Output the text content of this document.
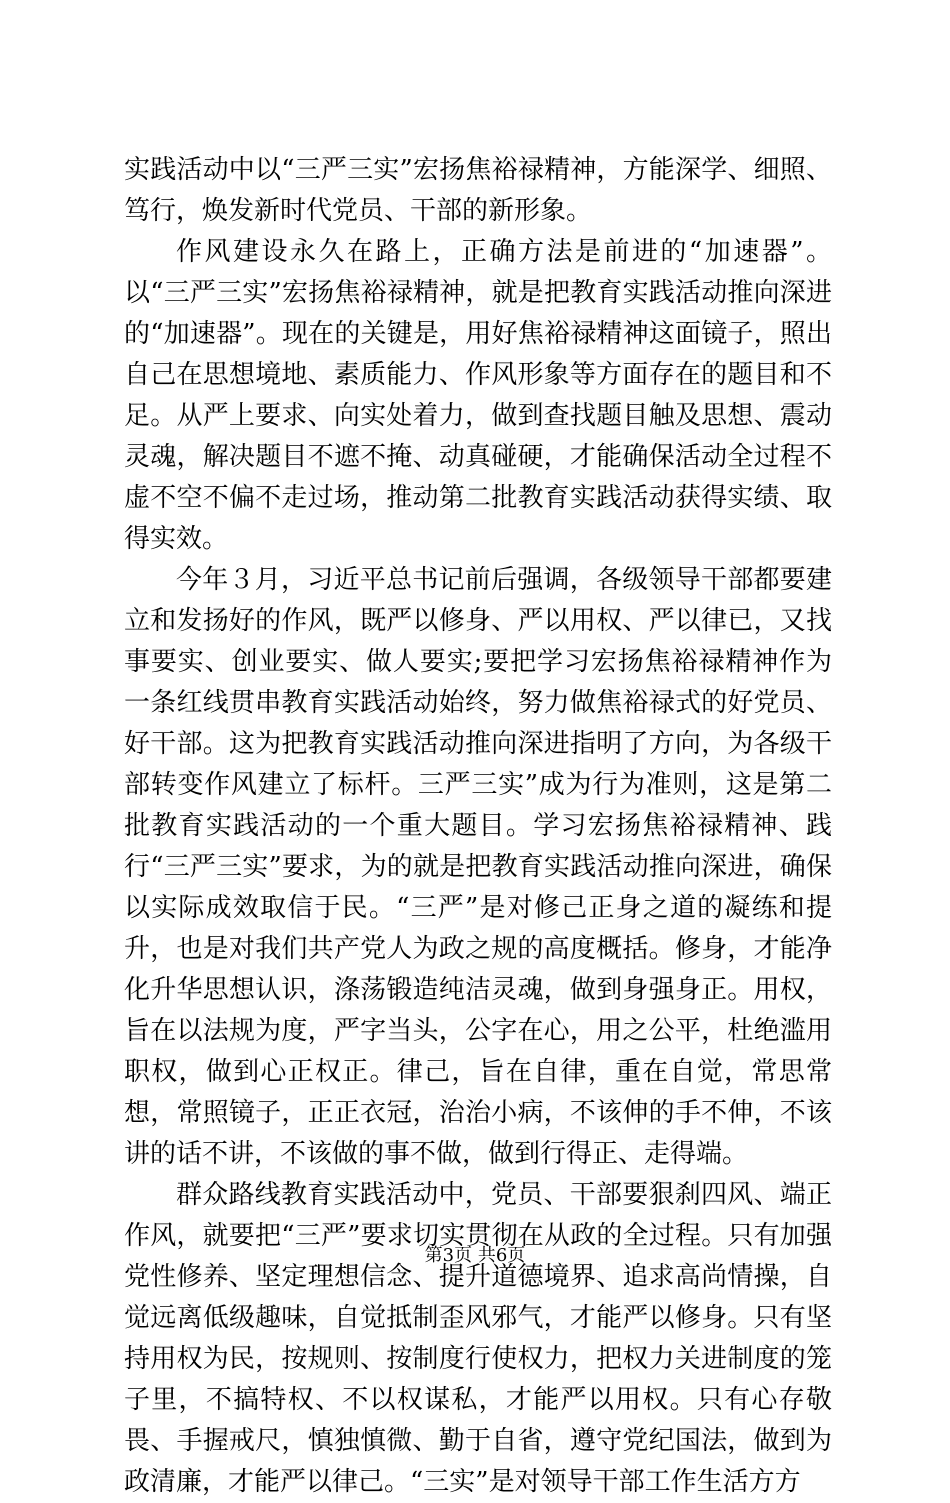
实践活动中以“三严三实”宏扬焦裕禄精神，方能深学、细照、笃行，焕发新时代党员、干部的新形象。

作风建设永久在路上，正确方法是前进的“加速器”。以“三严三实”宏扬焦裕禄精神，就是把教育实践活动推向深进的“加速器”。现在的关键是，用好焦裕禄精神这面镜子，照出自己在思想境地、素质能力、作风形象等方面存在的题目和不足。从严上要求、向实处着力，做到查找题目触及思想、震动灵魂，解决题目不遮不掩、动真碰硬，才能确保活动全过程不虚不空不偏不走过场，推动第二批教育实践活动获得实绩、取得实效。

今年３月，习近平总书记前后强调，各级领导干部都要建立和发扬好的作风，既严以修身、严以用权、严以律已，又找事要实、创业要实、做人要实;要把学习宏扬焦裕禄精神作为一条红线贯串教育实践活动始终，努力做焦裕禄式的好党员、好干部。这为把教育实践活动推向深进指明了方向，为各级干部转变作风建立了标杆。三严三实”成为行为准则，这是第二批教育实践活动的一个重大题目。学习宏扬焦裕禄精神、践行“三严三实”要求，为的就是把教育实践活动推向深进，确保以实际成效取信于民。“三严”是对修己正身之道的凝练和提升，也是对我们共产党人为政之规的高度概括。修身，才能净化升华思想认识，涤荡锻造纯洁灵魂，做到身强身正。用权，旨在以法规为度，严字当头，公字在心，用之公平，杜绝滥用职权，做到心正权正。律己，旨在自律，重在自觉，常思常想，常照镜子，正正衣冠，治治小病，不该伸的手不伸，不该讲的话不讲，不该做的事不做，做到行得正、走得端。

群众路线教育实践活动中，党员、干部要狠刹四风、端正作风，就要把“三严”要求切实贯彻在从政的全过程。只有加强党性修养、坚定理想信念、提升道德境界、追求高尚情操，自觉远离低级趣味，自觉抵制歪风邪气，才能严以修身。只有坚持用权为民，按规则、按制度行使权力，把权力关进制度的笼子里，不搞特权、不以权谋私，才能严以用权。只有心存敬畏、手握戒尺，慎独慎微、勤于自省，遵守党纪国法，做到为政清廉，才能严以律己。“三实”是对领导干部工作生活方方

第3页 共6页
